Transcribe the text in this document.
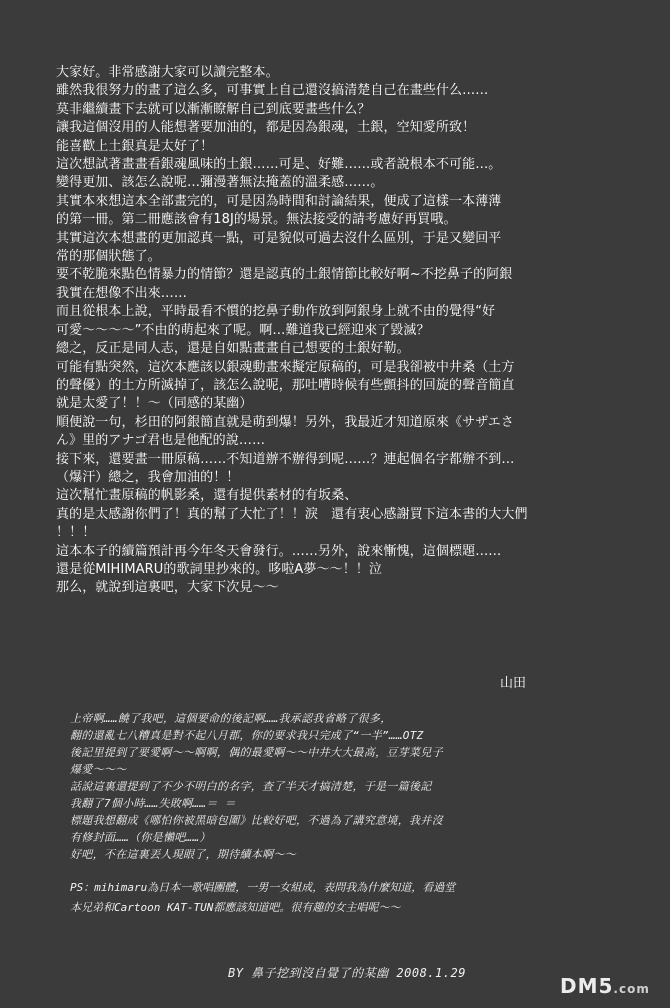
大家好。非常感謝大家可以讀完整本。
雖然我很努力的畫了這么多，可事實上自己還沒搞清楚自己在畫些什么……
莫非繼續畫下去就可以漸漸瞭解自己到底要畫些什么？
讓我這個沒用的人能想著要加油的，都是因為銀魂，土銀，空知愛所致！
能喜歡上土銀真是太好了！
這次想試著畫畫看銀魂風味的土銀……可是、好難……或者說根本不可能…。
變得更加、該怎么說呢…彌漫著無法掩蓋的溫柔感……。
其實本來想這本全部畫完的，可是因為時間和討論結果，便成了這樣一本薄薄
的第一冊。第二冊應該會有18J的場景。無法接受的請考慮好再買哦。
其實這次本想畫的更加認真一點，可是貌似可過去沒什么區別，于是又變回平
常的那個狀態了。
要不乾脆來點色情暴力的情節？還是認真的土銀情節比較好啊~不挖鼻子的阿銀
我實在想像不出來……
而且從根本上說，平時最看不慣的挖鼻子動作放到阿銀身上就不由的覺得“好
可愛～～～～”不由的萌起來了呢。啊…難道我已經迎來了毀滅？
總之，反正是同人志，還是自如點畫畫自己想要的土銀好勒。
可能有點突然，這次本應該以銀魂動畫來擬定原稿的，可是我卻被中井桑（土方
的聲優）的土方所滅掉了，該怎么說呢，那吐嘈時候有些顫抖的回旋的聲音簡直
就是太愛了！！～（同感的某幽）
順便說一句，杉田的阿銀簡直就是萌到爆！另外，我最近才知道原來《サザエさ
ん》里的アナゴ君也是他配的說……
接下來，還要畫一冊原稿……不知道辦不辦得到呢……？連起個名字都辦不到…
（爆汗）總之，我會加油的！！
這次幫忙畫原稿的帆影桑，還有提供素材的有坂桑、
真的是太感謝你們了！真的幫了大忙了！！淚　還有衷心感謝買下這本書的大大們
！！！
這本本子的續篇預計再今年冬天會發行。……另外，說來慚愧，這個標題……
還是從MIHIMARU的歌詞里抄來的。哆啦A夢～～！！泣
那么，就說到這裏吧，大家下次見～～
山田
上帝啊……饒了我吧，這個要命的後記啊……我承認我省略了很多，
翻的還亂七八糟真是對不起八月郡，你的要求我只完成了“一半”……OTZ
後記里提到了要愛啊～～啊啊，偶的最愛啊～～中井大大最高，豆芽菜兒子
爆愛～～～
話說這裏還提到了不少不明白的名字，查了半天才搞清楚，于是一篇後記
我翻了7個小時……失敗啊……＝ ＝
標題我想翻成《哪怕你被黑暗包圍》比較好吧，不過為了講究意境，我并沒
有修封面……（你是懶吧……）
好吧，不在這裏丟人現眼了，期待續本啊～～
PS：mihimaru為日本一歌唱團體，一男一女組成，表問我為什麼知道，看過堂
本兄弟和Cartoon KAT-TUN都應該知道吧。很有趣的女主唱呢～～
BY 鼻子挖到沒自覺了的某幽 2008.1.29
DM5.com
